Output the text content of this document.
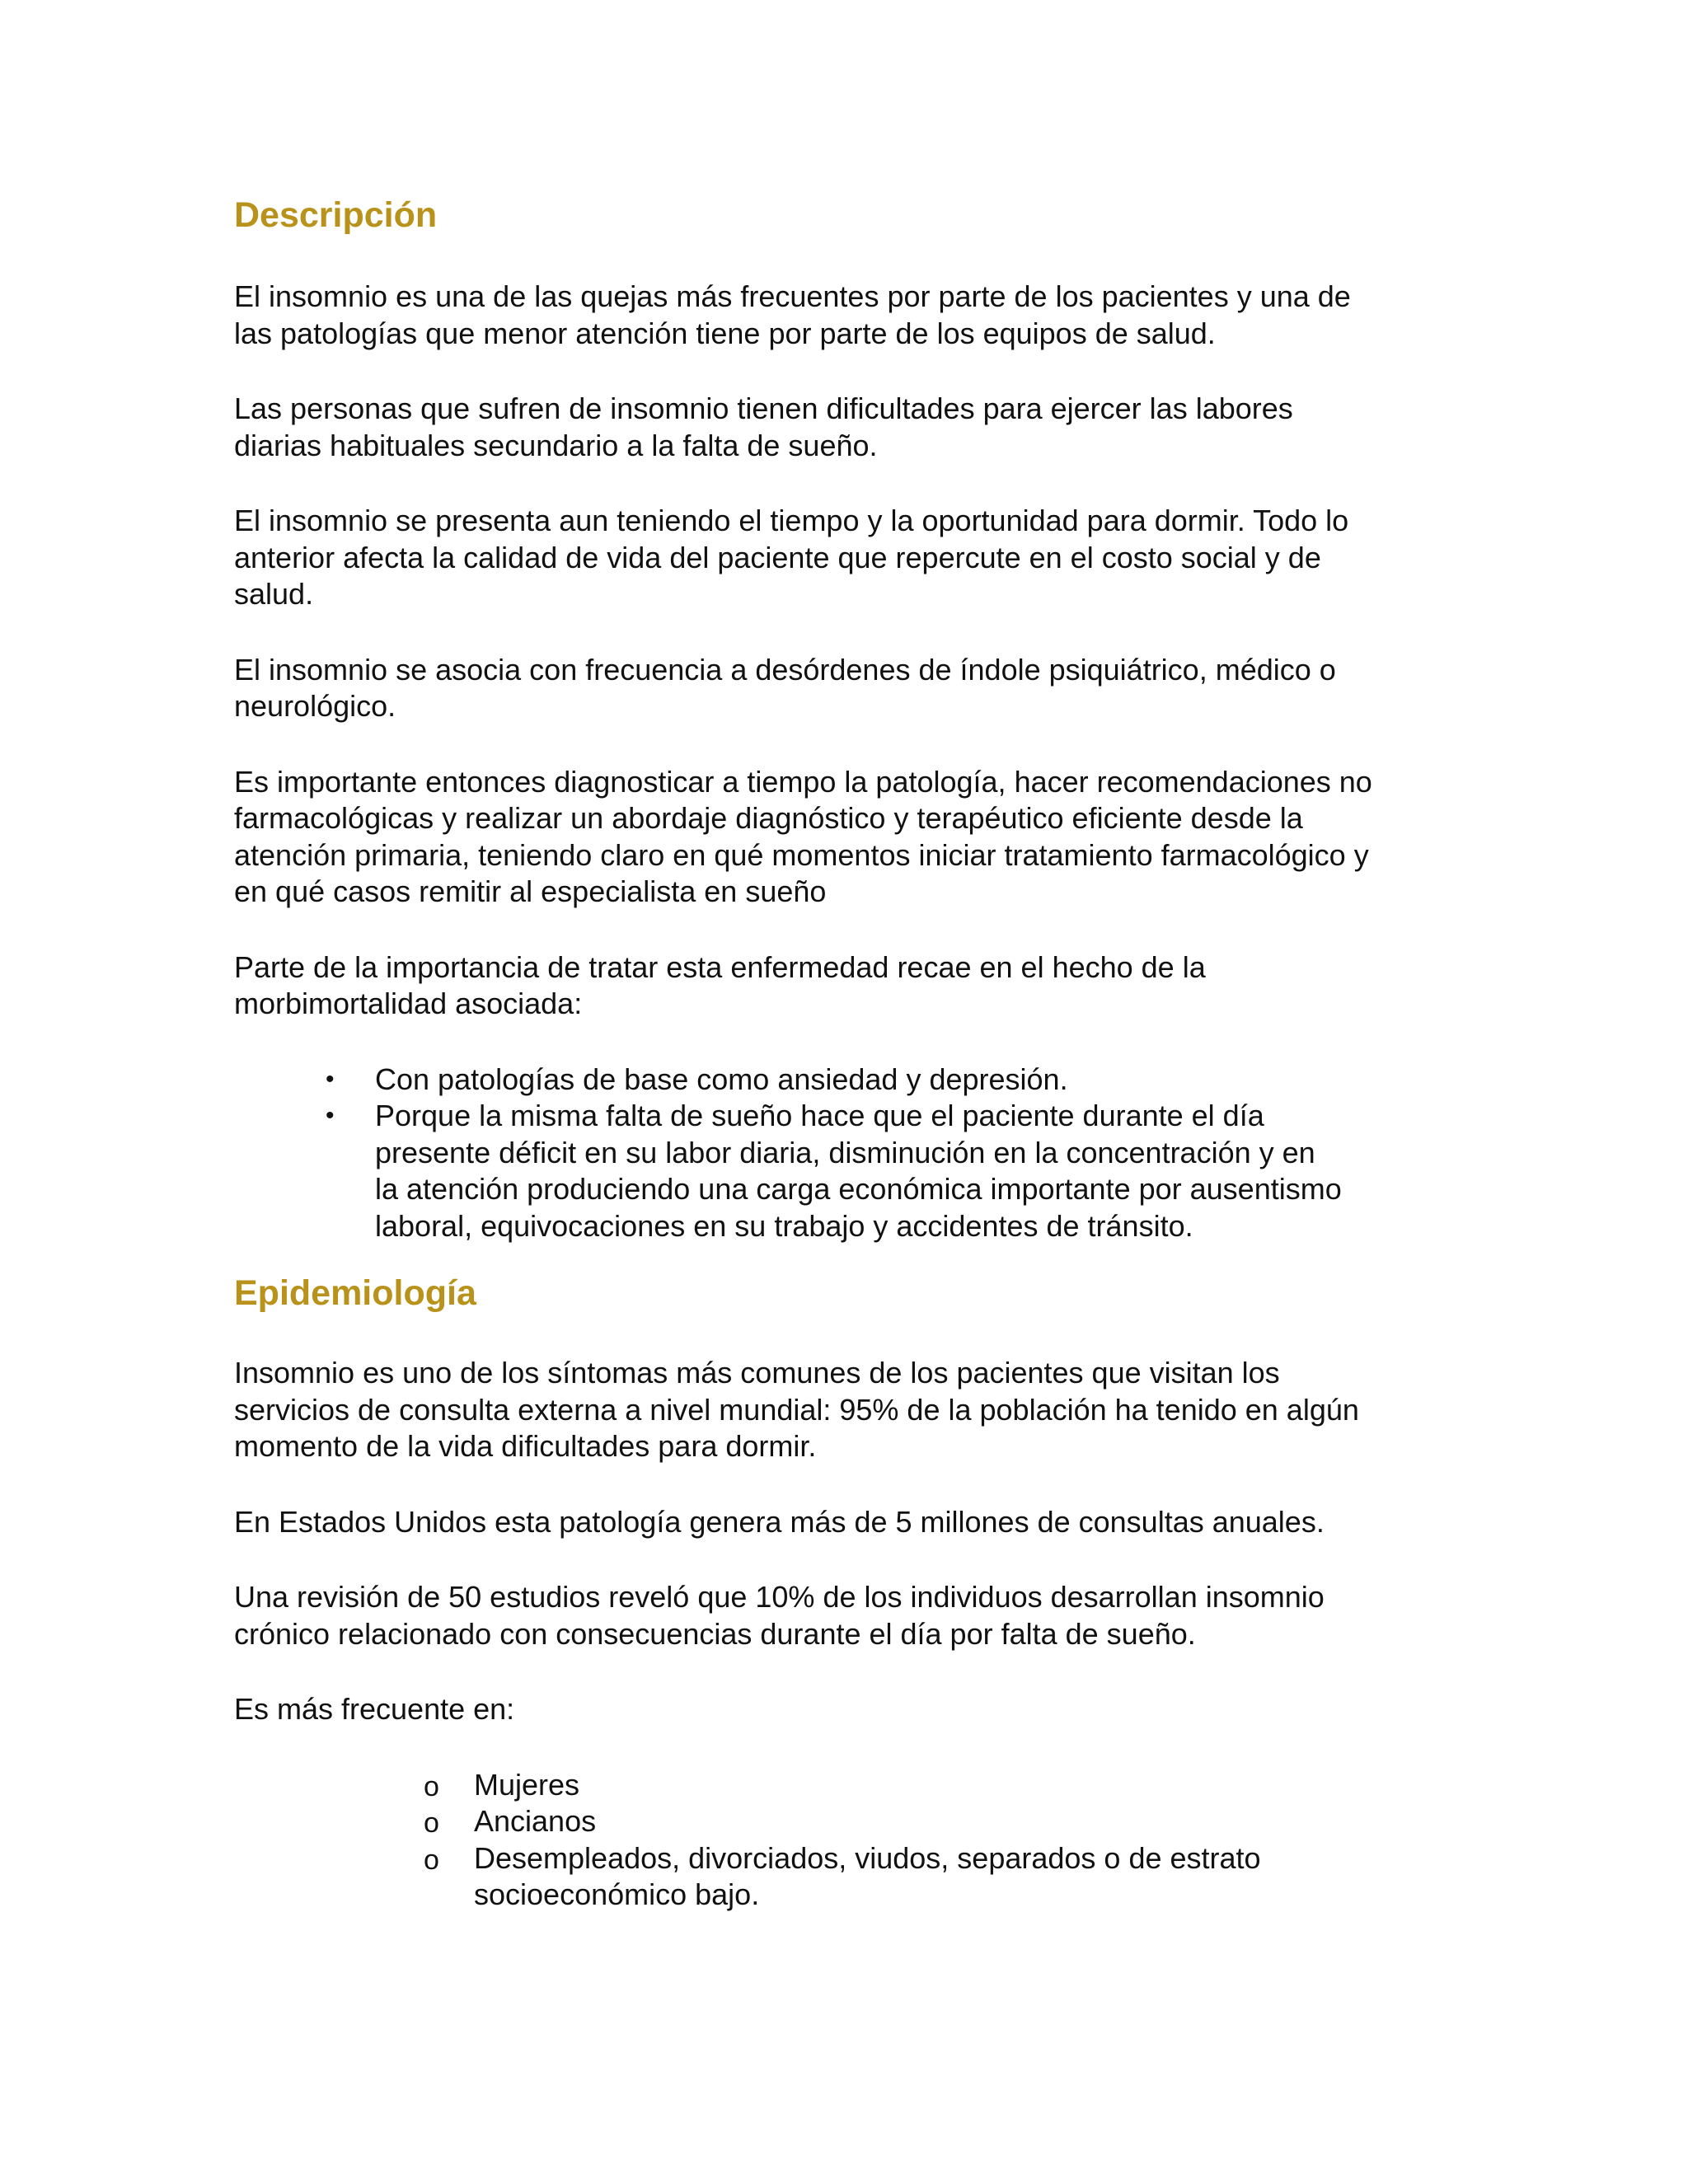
Descripción

El insomnio es una de las quejas más frecuentes por parte de los pacientes y una de
las patologías que menor atención tiene por parte de los equipos de salud.

Las personas que sufren de insomnio tienen dificultades para ejercer las labores
diarias habituales secundario a la falta de sueño.

El insomnio se presenta aun teniendo el tiempo y la oportunidad para dormir. Todo lo
anterior afecta la calidad de vida del paciente que repercute en el costo social y de
salud.

El insomnio se asocia con frecuencia a desórdenes de índole psiquiátrico, médico o
neurológico.

Es importante entonces diagnosticar a tiempo la patología, hacer recomendaciones no
farmacológicas y realizar un abordaje diagnóstico y terapéutico eficiente desde la
atención primaria, teniendo claro en qué momentos iniciar tratamiento farmacológico y
en qué casos remitir al especialista en sueño

Parte de la importancia de tratar esta enfermedad recae en el hecho de la
morbimortalidad asociada:

• Con patologías de base como ansiedad y depresión.
• Porque la misma falta de sueño hace que el paciente durante el día
presente déficit en su labor diaria, disminución en la concentración y en
la atención produciendo una carga económica importante por ausentismo
laboral, equivocaciones en su trabajo y accidentes de tránsito.
Epidemiología

Insomnio es uno de los síntomas más comunes de los pacientes que visitan los
servicios de consulta externa a nivel mundial: 95% de la población ha tenido en algún
momento de la vida dificultades para dormir.

En Estados Unidos esta patología genera más de 5 millones de consultas anuales.

Una revisión de 50 estudios reveló que 10% de los individuos desarrollan insomnio
crónico relacionado con consecuencias durante el día por falta de sueño.

Es más frecuente en:

o Mujeres
o Ancianos
o Desempleados, divorciados, viudos, separados o de estrato
socioeconómico bajo.
